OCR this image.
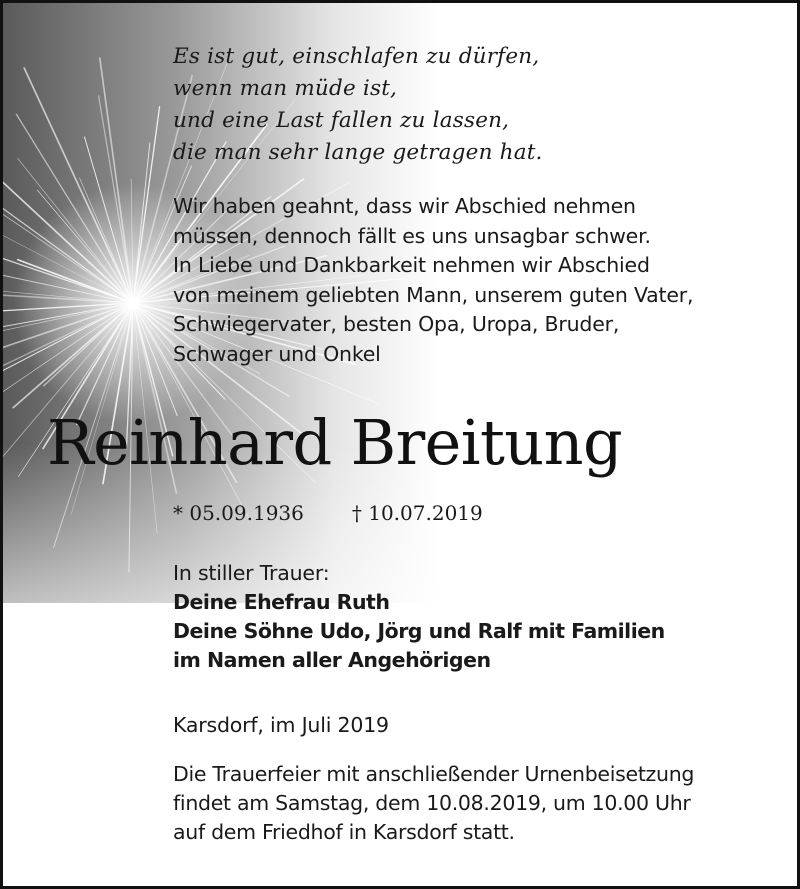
Es ist gut, einschlafen zu dürfen,
wenn man müde ist,
und eine Last fallen zu lassen,
die man sehr lange getragen hat.
Wir haben geahnt, dass wir Abschied nehmen
müssen, dennoch fällt es uns unsagbar schwer.
In Liebe und Dankbarkeit nehmen wir Abschied
von meinem geliebten Mann, unserem guten Vater,
Schwiegervater, besten Opa, Uropa, Bruder,
Schwager und Onkel
Reinhard Breitung
* 05.09.1936 † 10.07.2019
In stiller Trauer:
Deine Ehefrau Ruth
Deine Söhne Udo, Jörg und Ralf mit Familien
im Namen aller Angehörigen
Karsdorf, im Juli 2019
Die Trauerfeier mit anschließender Urnenbeisetzung
findet am Samstag, dem 10.08.2019, um 10.00 Uhr
auf dem Friedhof in Karsdorf statt.
